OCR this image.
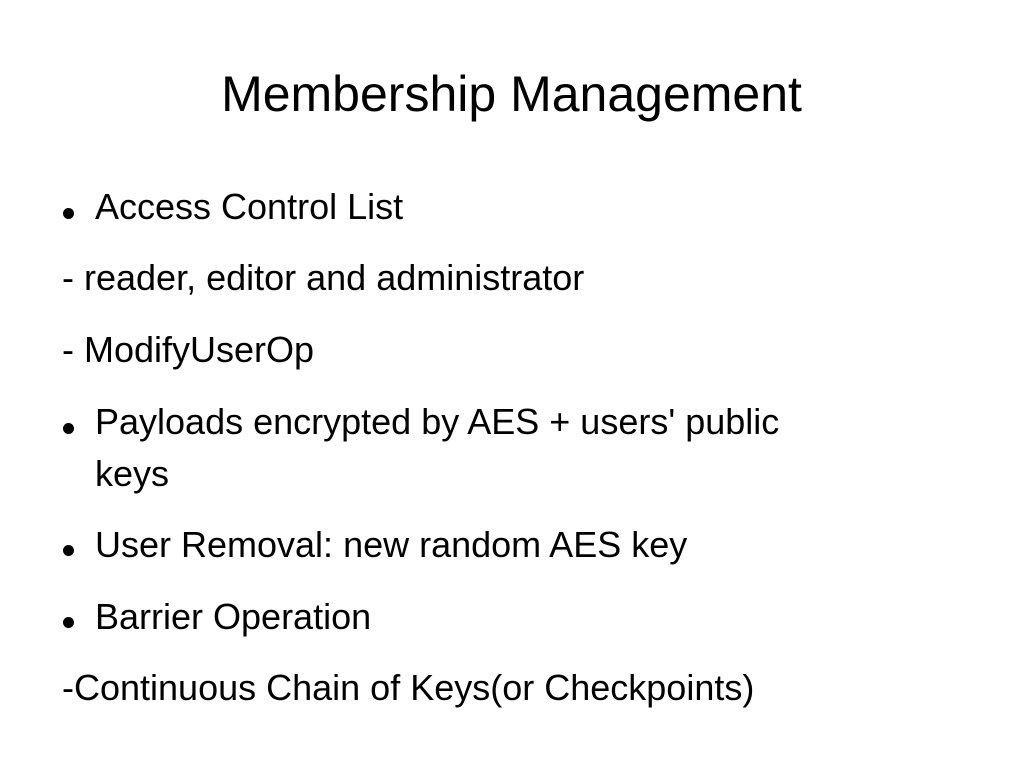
Membership Management
Access Control List
- reader, editor and administrator
- ModifyUserOp
Payloads encrypted by AES + users' public
keys
User Removal: new random AES key
Barrier Operation
-Continuous Chain of Keys(or Checkpoints)
